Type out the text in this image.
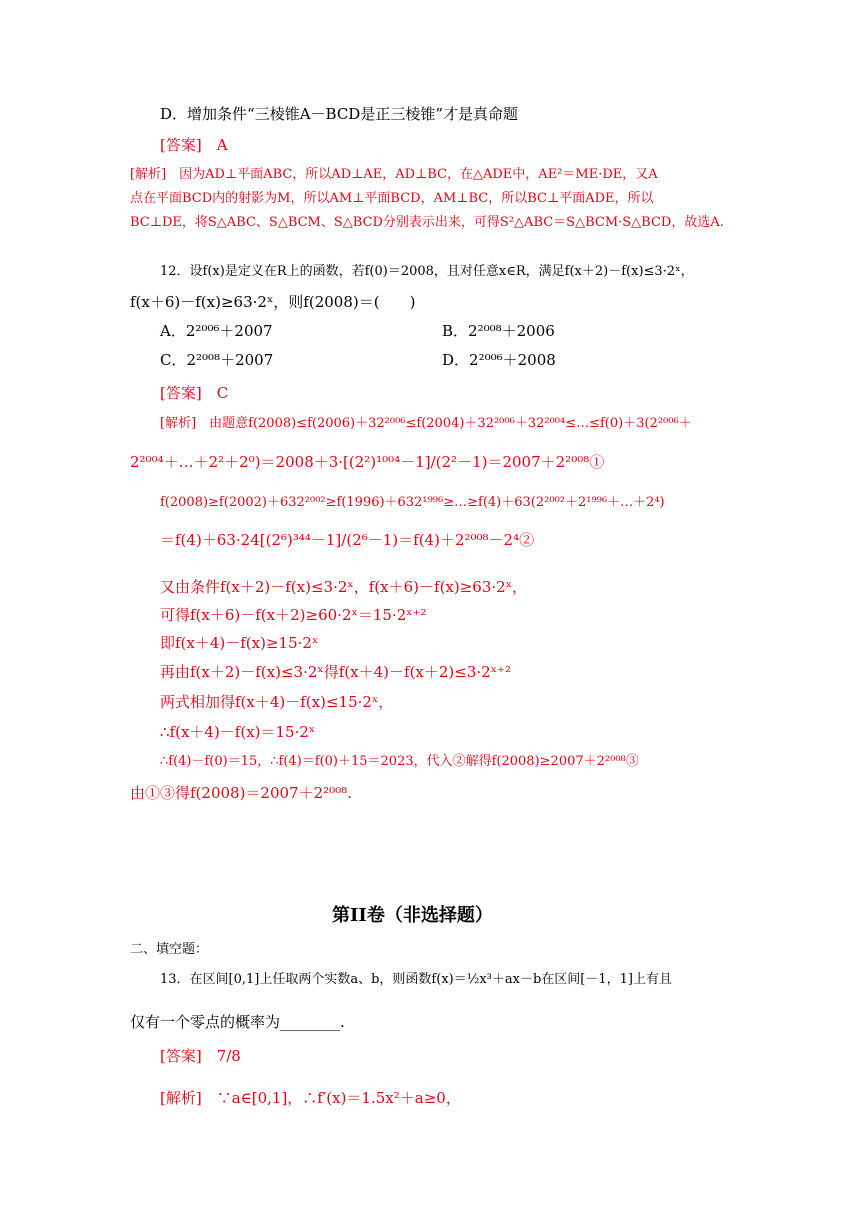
D．增加条件“三棱锥A－BCD是正三棱锥”才是真命题
[答案]　A
[解析]　因为AD⊥平面ABC，所以AD⊥AE，AD⊥BC，在△ADE中，AE²＝ME·DE，又A
点在平面BCD内的射影为M，所以AM⊥平面BCD，AM⊥BC，所以BC⊥平面ADE，所以
BC⊥DE，将S△ABC、S△BCM、S△BCD分别表示出来，可得S²△ABC＝S△BCM·S△BCD，故选A.
12．设f(x)是定义在R上的函数，若f(0)＝2008，且对任意x∈R，满足f(x＋2)－f(x)≤3·2ˣ，
f(x＋6)－f(x)≥63·2ˣ，则f(2008)＝(　　)
A．2²⁰⁰⁶＋2007	B．2²⁰⁰⁸＋2006
C．2²⁰⁰⁸＋2007	D．2²⁰⁰⁶＋2008
[答案]　C
[解析]　由题意f(2008)≤f(2006)＋32²⁰⁰⁶≤f(2004)＋32²⁰⁰⁶＋32²⁰⁰⁴≤…≤f(0)＋3(2²⁰⁰⁶＋
2²⁰⁰⁴＋…＋2²＋2⁰)＝2008＋3·[(2²)¹⁰⁰⁴－1]/(2²－1)＝2007＋2²⁰⁰⁸①
f(2008)≥f(2002)＋632²⁰⁰²≥f(1996)＋632¹⁹⁹⁶≥…≥f(4)＋63(2²⁰⁰²＋2¹⁹⁹⁶＋…＋2⁴)
＝f(4)＋63·24[(2⁶)³⁴⁴－1]/(2⁶－1)＝f(4)＋2²⁰⁰⁸－2⁴②
又由条件f(x＋2)－f(x)≤3·2ˣ，f(x＋6)－f(x)≥63·2ˣ，
可得f(x＋6)－f(x＋2)≥60·2ˣ＝15·2ˣ⁺²
即f(x＋4)－f(x)≥15·2ˣ
再由f(x＋2)－f(x)≤3·2ˣ得f(x＋4)－f(x＋2)≤3·2ˣ⁺²
两式相加得f(x＋4)－f(x)≤15·2ˣ，
∴f(x＋4)－f(x)＝15·2ˣ
∴f(4)－f(0)＝15，∴f(4)＝f(0)＋15＝2023，代入②解得f(2008)≥2007＋2²⁰⁰⁸③
由①③得f(2008)＝2007＋2²⁰⁰⁸.
第II卷（非选择题）
二、填空题：
13．在区间[0,1]上任取两个实数a、b，则函数f(x)＝½x³＋ax－b在区间[－1，1]上有且
仅有一个零点的概率为________.
[答案]　7/8
[解析]　∵a∈[0,1]，∴f′(x)＝1.5x²＋a≥0，
